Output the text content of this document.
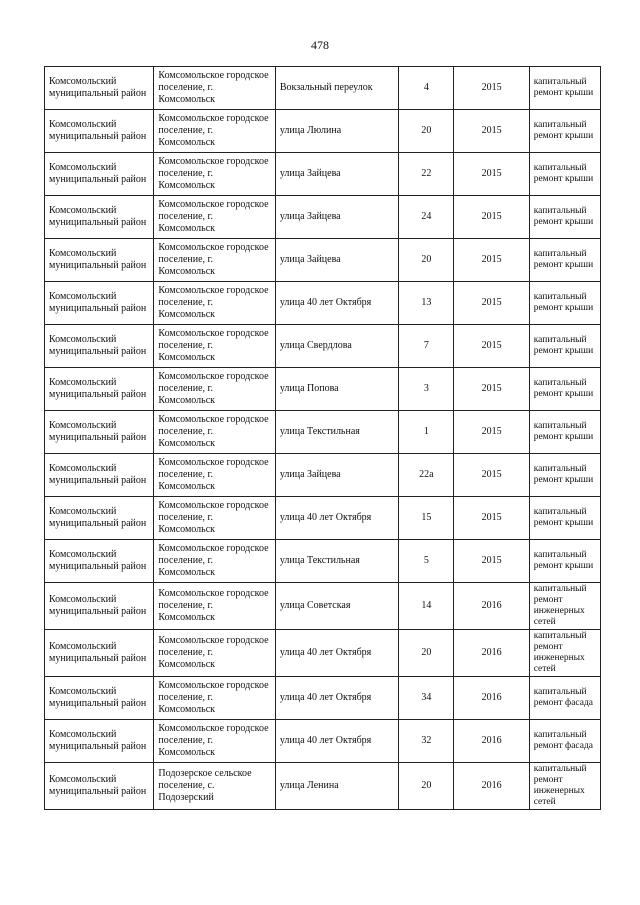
478
Комсомольский муниципальный район	Комсомольское городское поселение, г. Комсомольск	Вокзальный переулок	4	2015	капитальный ремонт крыши
Комсомольский муниципальный район	Комсомольское городское поселение, г. Комсомольск	улица Люлина	20	2015	капитальный ремонт крыши
Комсомольский муниципальный район	Комсомольское городское поселение, г. Комсомольск	улица Зайцева	22	2015	капитальный ремонт крыши
Комсомольский муниципальный район	Комсомольское городское поселение, г. Комсомольск	улица Зайцева	24	2015	капитальный ремонт крыши
Комсомольский муниципальный район	Комсомольское городское поселение, г. Комсомольск	улица Зайцева	20	2015	капитальный ремонт крыши
Комсомольский муниципальный район	Комсомольское городское поселение, г. Комсомольск	улица 40 лет Октября	13	2015	капитальный ремонт крыши
Комсомольский муниципальный район	Комсомольское городское поселение, г. Комсомольск	улица Свердлова	7	2015	капитальный ремонт крыши
Комсомольский муниципальный район	Комсомольское городское поселение, г. Комсомольск	улица Попова	3	2015	капитальный ремонт крыши
Комсомольский муниципальный район	Комсомольское городское поселение, г. Комсомольск	улица Текстильная	1	2015	капитальный ремонт крыши
Комсомольский муниципальный район	Комсомольское городское поселение, г. Комсомольск	улица Зайцева	22а	2015	капитальный ремонт крыши
Комсомольский муниципальный район	Комсомольское городское поселение, г. Комсомольск	улица 40 лет Октября	15	2015	капитальный ремонт крыши
Комсомольский муниципальный район	Комсомольское городское поселение, г. Комсомольск	улица Текстильная	5	2015	капитальный ремонт крыши
Комсомольский муниципальный район	Комсомольское городское поселение, г. Комсомольск	улица Советская	14	2016	капитальный ремонт инженерных сетей
Комсомольский муниципальный район	Комсомольское городское поселение, г. Комсомольск	улица 40 лет Октября	20	2016	капитальный ремонт инженерных сетей
Комсомольский муниципальный район	Комсомольское городское поселение, г. Комсомольск	улица 40 лет Октября	34	2016	капитальный ремонт фасада
Комсомольский муниципальный район	Комсомольское городское поселение, г. Комсомольск	улица 40 лет Октября	32	2016	капитальный ремонт фасада
Комсомольский муниципальный район	Подозерское сельское поселение, с. Подозерский	улица Ленина	20	2016	капитальный ремонт инженерных сетей
